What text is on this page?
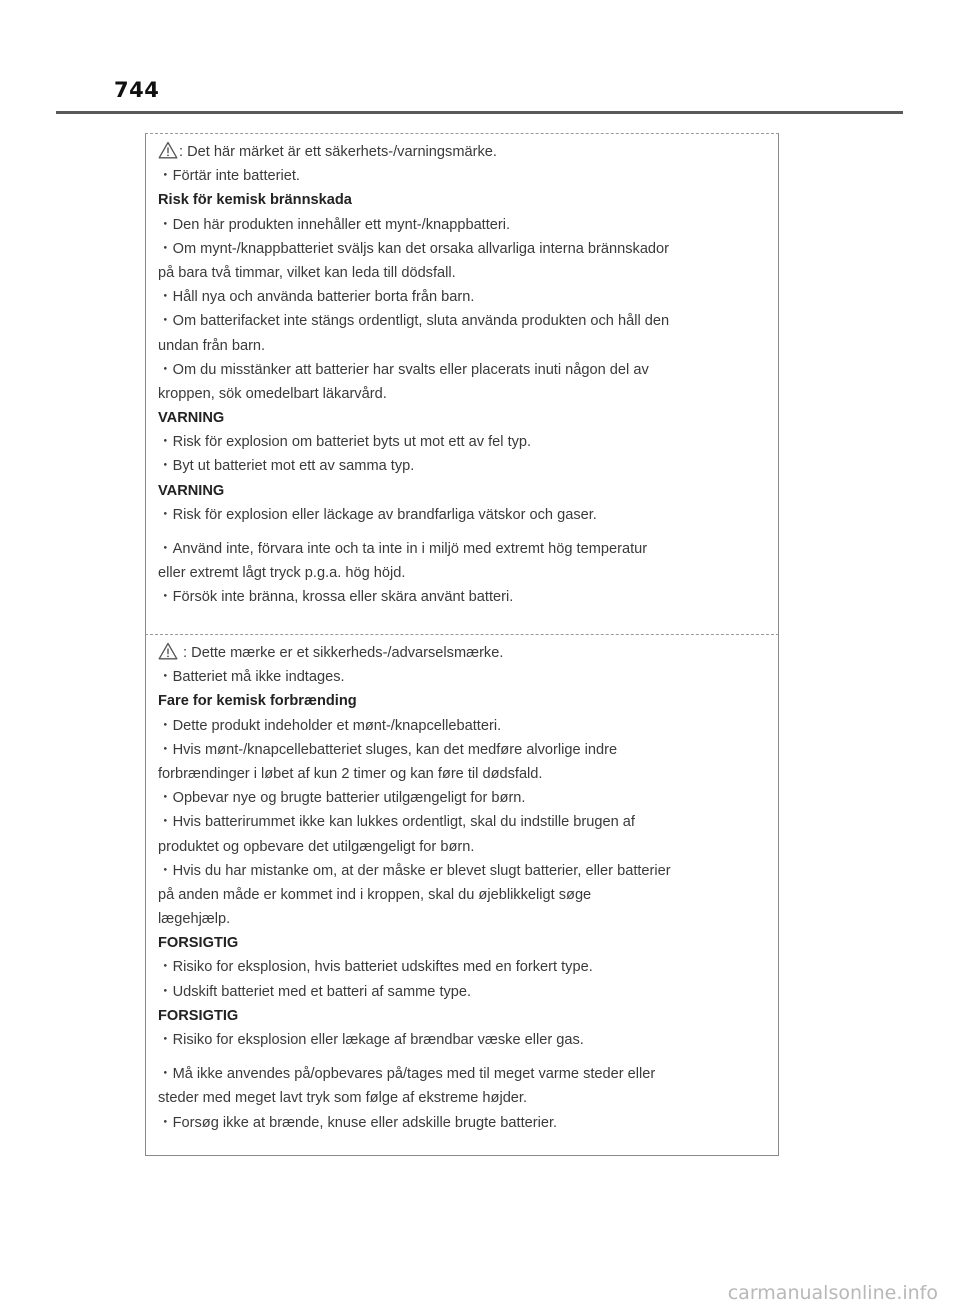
744
: Det här märket är ett säkerhets-/varningsmärke.
・Förtär inte batteriet.
Risk för kemisk brännskada
・Den här produkten innehåller ett mynt-/knappbatteri.
・Om mynt-/knappbatteriet sväljs kan det orsaka allvarliga interna brännskador
på bara två timmar, vilket kan leda till dödsfall.
・Håll nya och använda batterier borta från barn.
・Om batterifacket inte stängs ordentligt, sluta använda produkten och håll den
undan från barn.
・Om du misstänker att batterier har svalts eller placerats inuti någon del av
kroppen, sök omedelbart läkarvård.
VARNING
・Risk för explosion om batteriet byts ut mot ett av fel typ.
・Byt ut batteriet mot ett av samma typ.
VARNING
・Risk för explosion eller läckage av brandfarliga vätskor och gaser.
・Använd inte, förvara inte och ta inte in i miljö med extremt hög temperatur
eller extremt lågt tryck p.g.a. hög höjd.
・Försök inte bränna, krossa eller skära använt batteri.
: Dette mærke er et sikkerheds-/advarselsmærke.
・Batteriet må ikke indtages.
Fare for kemisk forbrænding
・Dette produkt indeholder et mønt-/knapcellebatteri.
・Hvis mønt-/knapcellebatteriet sluges, kan det medføre alvorlige indre
forbrændinger i løbet af kun 2 timer og kan føre til dødsfald.
・Opbevar nye og brugte batterier utilgængeligt for børn.
・Hvis batterirummet ikke kan lukkes ordentligt, skal du indstille brugen af
produktet og opbevare det utilgængeligt for børn.
・Hvis du har mistanke om, at der måske er blevet slugt batterier, eller batterier
på anden måde er kommet ind i kroppen, skal du øjeblikkeligt søge
lægehjælp.
FORSIGTIG
・Risiko for eksplosion, hvis batteriet udskiftes med en forkert type.
・Udskift batteriet med et batteri af samme type.
FORSIGTIG
・Risiko for eksplosion eller lækage af brændbar væske eller gas.
・Må ikke anvendes på/opbevares på/tages med til meget varme steder eller
steder med meget lavt tryk som følge af ekstreme højder.
・Forsøg ikke at brænde, knuse eller adskille brugte batterier.
carmanualsonline.info
